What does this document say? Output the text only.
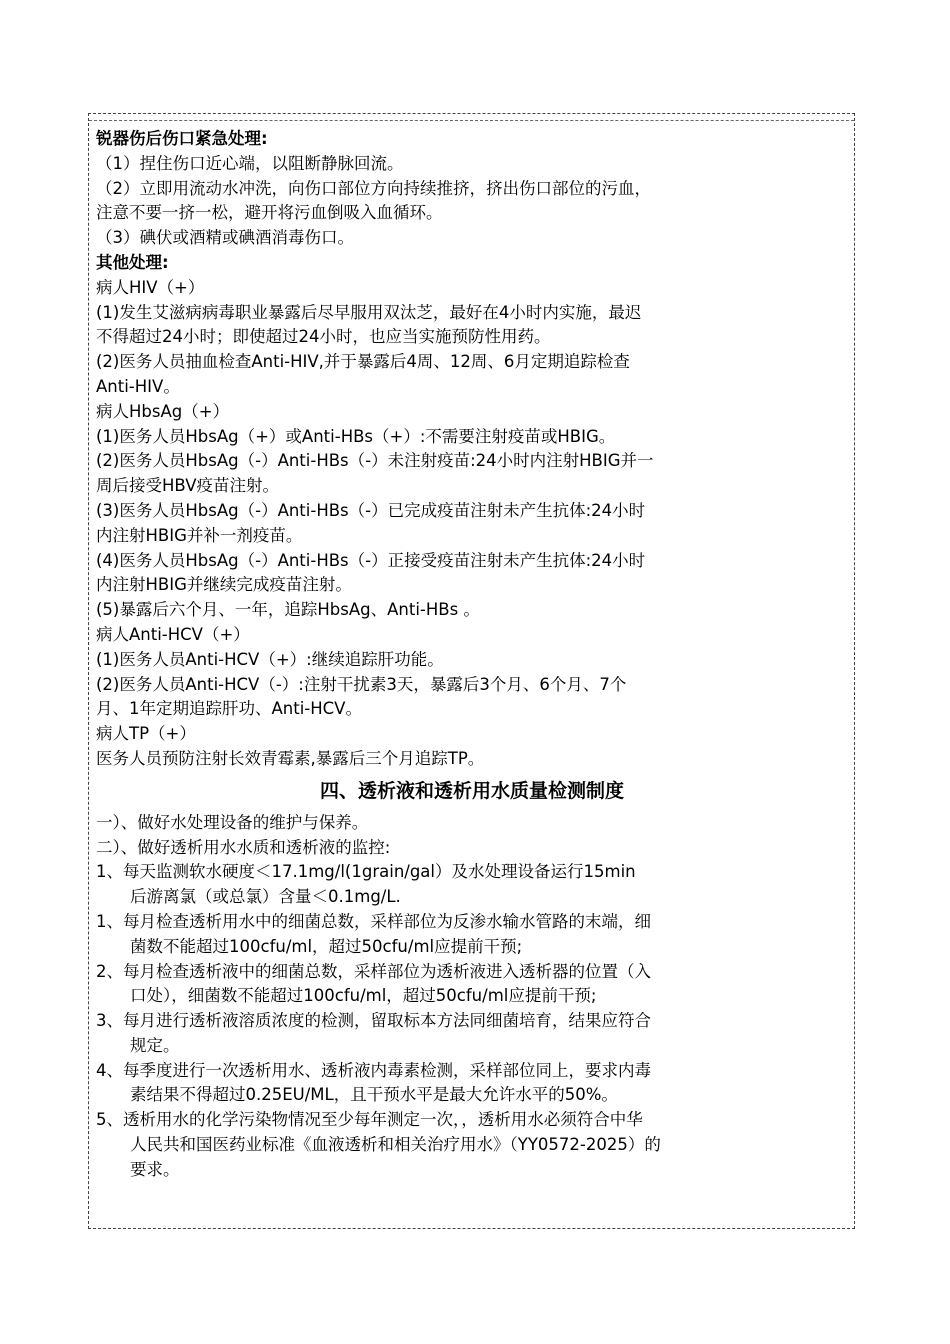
锐器伤后伤口紧急处理:
（1）捏住伤口近心端，以阻断静脉回流。
（2）立即用流动水冲洗，向伤口部位方向持续推挤，挤出伤口部位的污血，
注意不要一挤一松，避开将污血倒吸入血循环。
（3）碘伏或酒精或碘酒消毒伤口。
其他处理:
病人HIV（+）
(1)发生艾滋病病毒职业暴露后尽早服用双汰芝，最好在4小时内实施，最迟
不得超过24小时；即使超过24小时，也应当实施预防性用药。
(2)医务人员抽血检查Anti-HIV,并于暴露后4周、12周、6月定期追踪检查
Anti-HIV。
病人HbsAg（+）
(1)医务人员HbsAg（+）或Anti-HBs（+）:不需要注射疫苗或HBIG。
(2)医务人员HbsAg（-）Anti-HBs（-）未注射疫苗:24小时内注射HBIG并一
周后接受HBV疫苗注射。
(3)医务人员HbsAg（-）Anti-HBs（-）已完成疫苗注射未产生抗体:24小时
内注射HBIG并补一剂疫苗。
(4)医务人员HbsAg（-）Anti-HBs（-）正接受疫苗注射未产生抗体:24小时
内注射HBIG并继续完成疫苗注射。
(5)暴露后六个月、一年，追踪HbsAg、Anti-HBs 。
病人Anti-HCV（+）
(1)医务人员Anti-HCV（+）:继续追踪肝功能。
(2)医务人员Anti-HCV（-）:注射干扰素3天，暴露后3个月、6个月、7个
月、1年定期追踪肝功、Anti-HCV。
病人TP（+）
医务人员预防注射长效青霉素,暴露后三个月追踪TP。
四、透析液和透析用水质量检测制度
一）、做好水处理设备的维护与保养。
二）、做好透析用水水质和透析液的监控:
1、每天监测软水硬度＜17.1mg/l(1grain/gal）及水处理设备运行15min
后游离氯（或总氯）含量＜0.1mg/L.
1、每月检查透析用水中的细菌总数，采样部位为反渗水输水管路的末端，细
菌数不能超过100cfu/ml，超过50cfu/ml应提前干预;
2、每月检查透析液中的细菌总数，采样部位为透析液进入透析器的位置（入
口处），细菌数不能超过100cfu/ml，超过50cfu/ml应提前干预;
3、每月进行透析液溶质浓度的检测，留取标本方法同细菌培育，结果应符合
规定。
4、每季度进行一次透析用水、透析液内毒素检测，采样部位同上，要求内毒
素结果不得超过0.25EU/ML，且干预水平是最大允许水平的50%。
5、透析用水的化学污染物情况至少每年测定一次，，透析用水必须符合中华
人民共和国医药业标准《血液透析和相关治疗用水》（YY0572-2025）的
要求。
